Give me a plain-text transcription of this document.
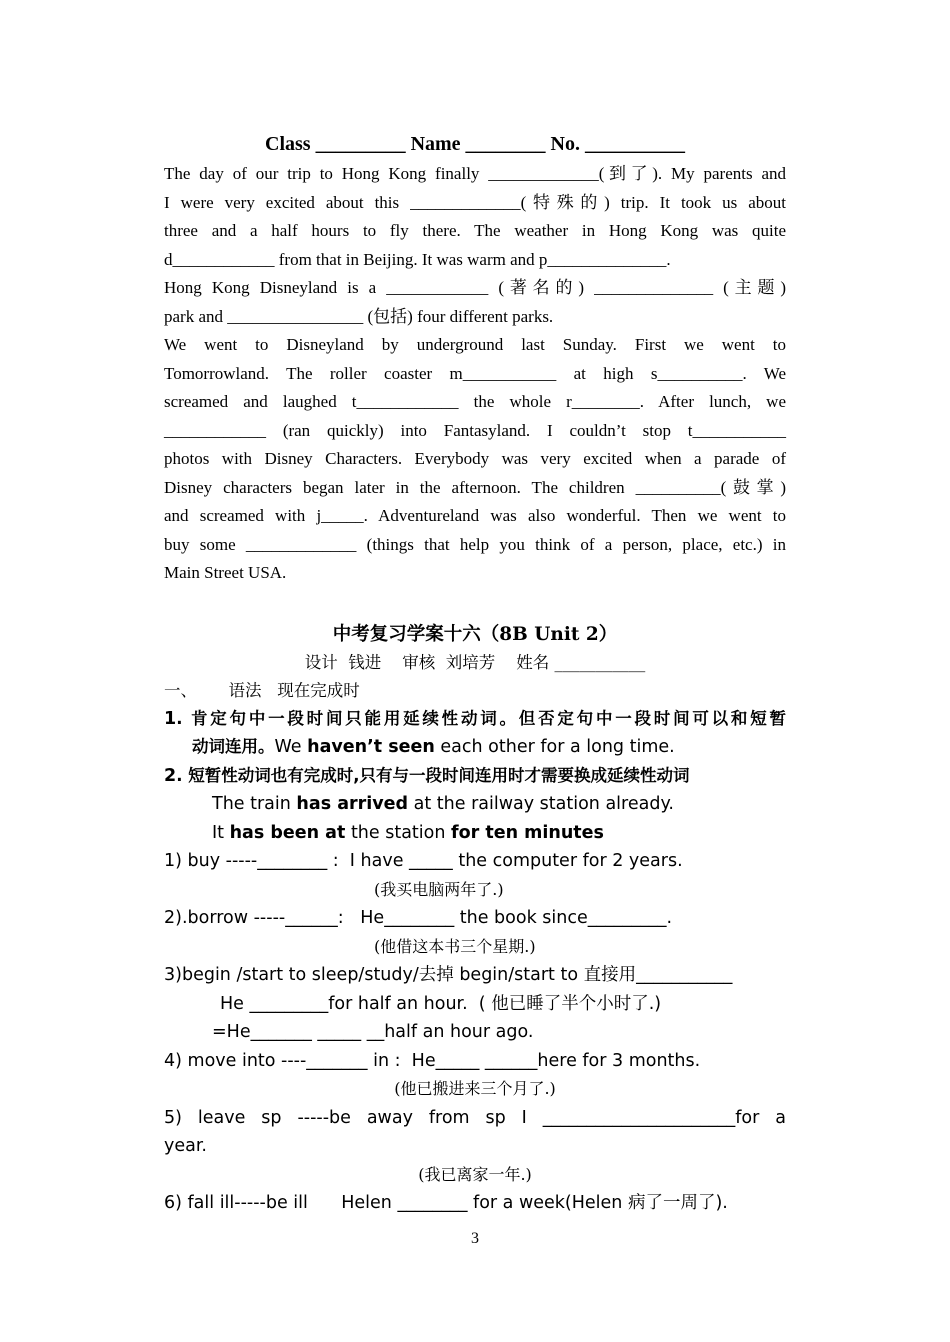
Class _________ Name ________ No. __________
The day of our trip to Hong Kong finally _____________(到了). My parents and
I were very excited about this _____________(特殊的) trip. It took us about
three and a half hours to fly there. The weather in Hong Kong was quite
d____________ from that in Beijing. It was warm and p______________.
Hong Kong Disneyland is a ____________ (著名的) ______________ (主题)
park and ________________ (包括) four different parks.
We went to Disneyland by underground last Sunday. First we went to
Tomorrowland. The roller coaster m___________ at high s__________. We
screamed and laughed t____________ the whole r________. After lunch, we
____________ (ran quickly) into Fantasyland. I couldn’t stop t___________
photos with Disney Characters. Everybody was very excited when a parade of
Disney characters began later in the afternoon. The children __________(鼓掌)
and screamed with j_____. Adventureland was also wonderful. Then we went to
buy some _____________ (things that help you think of a person, place, etc.) in
Main Street USA.
中考复习学案十六（8B Unit 2）
设计  钱进    审核  刘培芳    姓名 ___________
一、      语法   现在完成时
1. 肯定句中一段时间只能用延续性动词。但否定句中一段时间可以和短暂
动词连用。We haven’t seen each other for a long time.
2. 短暂性动词也有完成时,只有与一段时间连用时才需要换成延续性动词
The train has arrived at the railway station already.
It has been at the station for ten minutes
1) buy -----________ :  I have _____ the computer for 2 years.
(我买电脑两年了.)
2).borrow -----______:   He________ the book since_________.
(他借这本书三个星期.)
3)begin /start to sleep/study/去掉 begin/start to 直接用___________
He _________for half an hour.  ( 他已睡了半个小时了.)
=He_______ _____ __half an hour ago.
4) move into ----_______ in :  He_____ ______here for 3 months.
(他已搬进来三个月了.)
5) leave sp -----be away from sp I ______________________for a
year.
(我已离家一年.)
6) fall ill-----be ill      Helen ________ for a week(Helen 病了一周了).
3
